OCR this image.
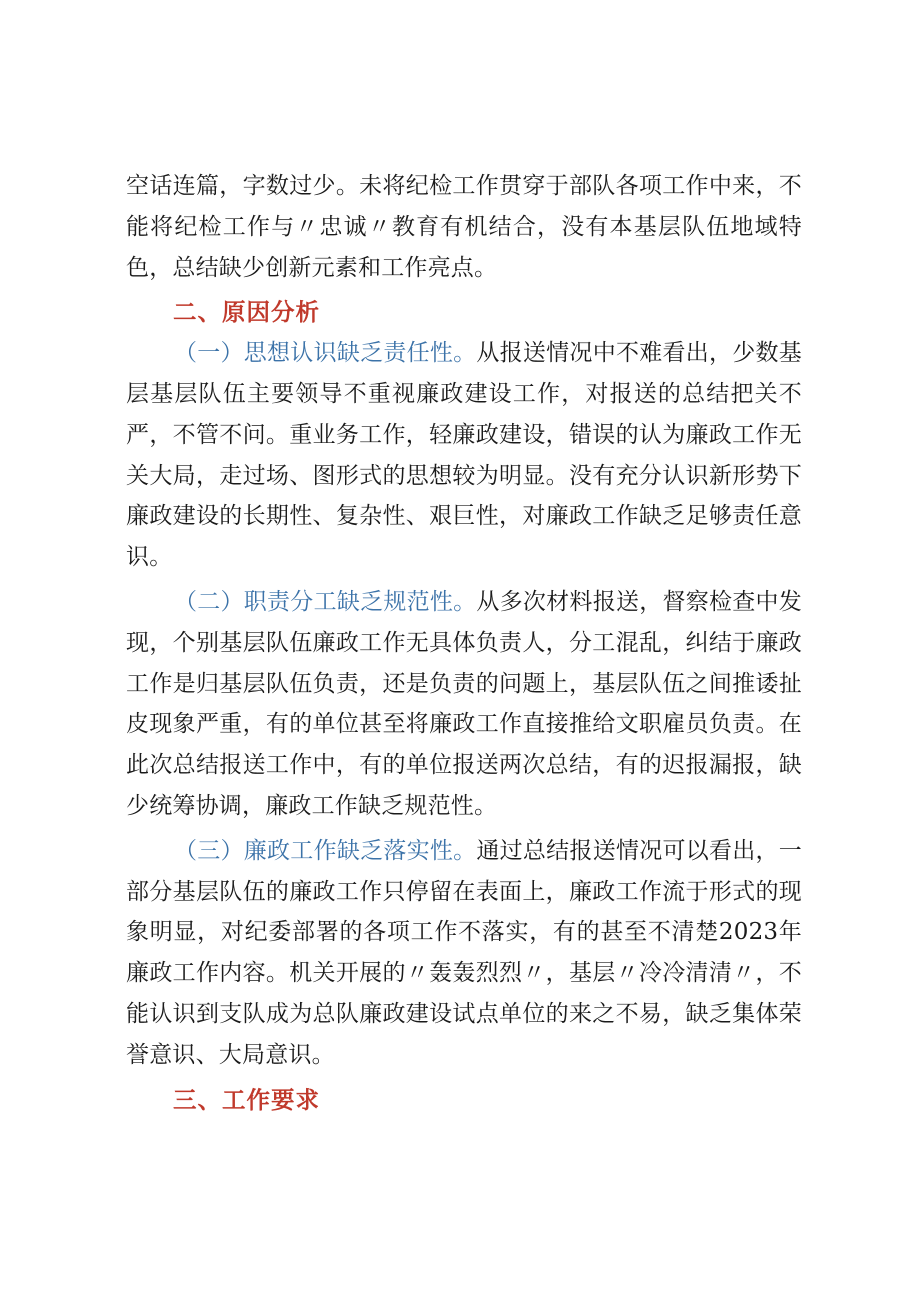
空话连篇，字数过少。未将纪检工作贯穿于部队各项工作中来，不能将纪检工作与〃忠诚〃教育有机结合，没有本基层队伍地域特色，总结缺少创新元素和工作亮点。

二、原因分析

（一）思想认识缺乏责任性。从报送情况中不难看出，少数基层基层队伍主要领导不重视廉政建设工作，对报送的总结把关不严，不管不问。重业务工作，轻廉政建设，错误的认为廉政工作无关大局，走过场、图形式的思想较为明显。没有充分认识新形势下廉政建设的长期性、复杂性、艰巨性，对廉政工作缺乏足够责任意识。

（二）职责分工缺乏规范性。从多次材料报送，督察检查中发现，个别基层队伍廉政工作无具体负责人，分工混乱，纠结于廉政工作是归基层队伍负责，还是负责的问题上，基层队伍之间推诿扯皮现象严重，有的单位甚至将廉政工作直接推给文职雇员负责。在此次总结报送工作中，有的单位报送两次总结，有的迟报漏报，缺少统筹协调，廉政工作缺乏规范性。

（三）廉政工作缺乏落实性。通过总结报送情况可以看出，一部分基层队伍的廉政工作只停留在表面上，廉政工作流于形式的现象明显，对纪委部署的各项工作不落实，有的甚至不清楚2023年廉政工作内容。机关开展的〃轰轰烈烈〃，基层〃冷冷清清〃，不能认识到支队成为总队廉政建设试点单位的来之不易，缺乏集体荣誉意识、大局意识。

三、工作要求
